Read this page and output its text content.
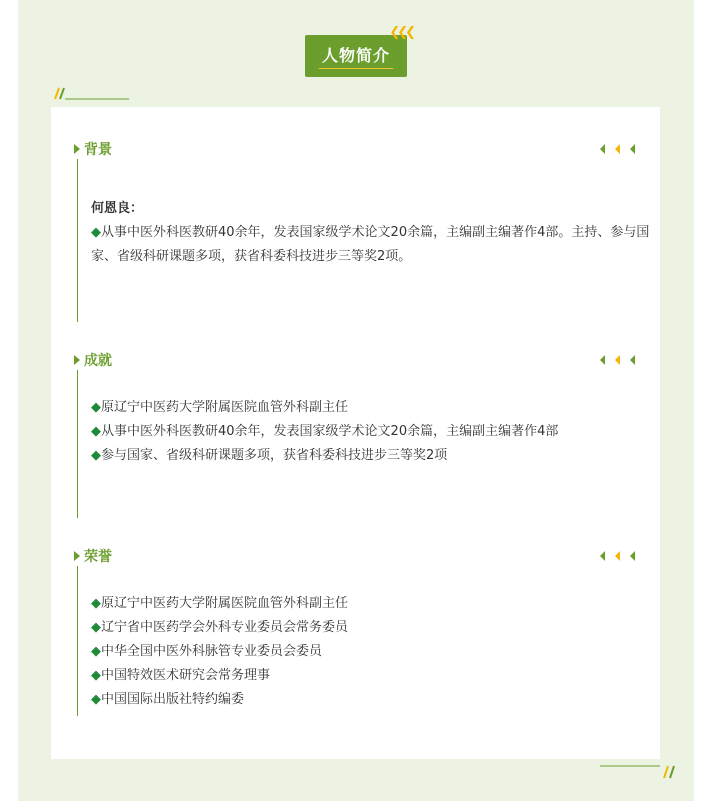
人物简介
❮❮❮
背景
何恩良：
◆从事中医外科医教研40余年，发表国家级学术论文20余篇，主编副主编著作4部。主持、参与国家、省级科研课题多项，获省科委科技进步三等奖2项。
成就
◆原辽宁中医药大学附属医院血管外科副主任
◆从事中医外科医教研40余年，发表国家级学术论文20余篇，主编副主编著作4部
◆参与国家、省级科研课题多项，获省科委科技进步三等奖2项
荣誉
◆原辽宁中医药大学附属医院血管外科副主任
◆辽宁省中医药学会外科专业委员会常务委员
◆中华全国中医外科脉管专业委员会委员
◆中国特效医术研究会常务理事
◆中国国际出版社特约编委
